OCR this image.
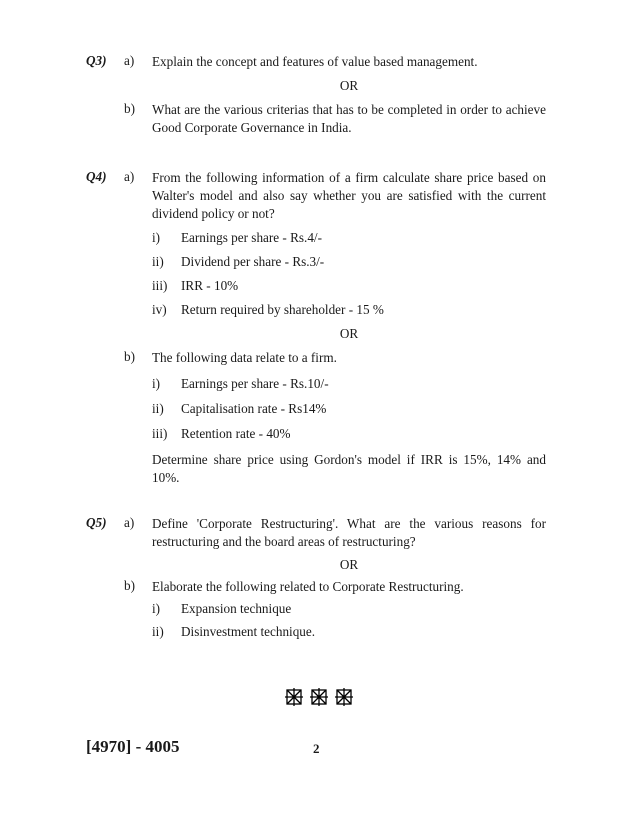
Q3) a) Explain the concept and features of value based management.
OR
b) What are the various criterias that has to be completed in order to achieve Good Corporate Governance in India.
Q4) a) From the following information of a firm calculate share price based on Walter's model and also say whether you are satisfied with the current dividend policy or not?
i) Earnings per share - Rs.4/-
ii) Dividend per share - Rs.3/-
iii) IRR - 10%
iv) Return required by shareholder - 15 %
OR
b) The following data relate to a firm.
i) Earnings per share - Rs.10/-
ii) Capitalisation rate - Rs14%
iii) Retention rate - 40%
Determine share price using Gordon's model if IRR is 15%, 14% and 10%.
Q5) a) Define 'Corporate Restructuring'. What are the various reasons for restructuring and the board areas of restructuring?
OR
b) Elaborate the following related to Corporate Restructuring.
i) Expansion technique
ii) Disinvestment technique.
[4970] - 4005	2
